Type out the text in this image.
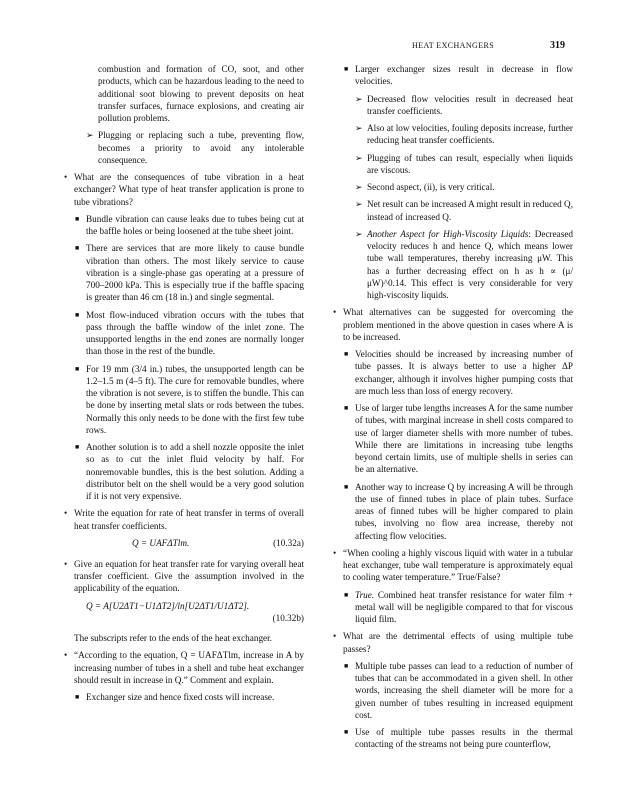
HEAT EXCHANGERS	319
combustion and formation of CO, soot, and other products, which can be hazardous leading to the need to additional soot blowing to prevent deposits on heat transfer surfaces, furnace explosions, and creating air pollution problems.
➢ Plugging or replacing such a tube, preventing flow, becomes a priority to avoid any intolerable consequence.
• What are the consequences of tube vibration in a heat exchanger? What type of heat transfer application is prone to tube vibrations?
■ Bundle vibration can cause leaks due to tubes being cut at the baffle holes or being loosened at the tube sheet joint.
■ There are services that are more likely to cause bundle vibration than others. The most likely service to cause vibration is a single-phase gas operating at a pressure of 700–2000 kPa. This is especially true if the baffle spacing is greater than 46 cm (18 in.) and single segmental.
■ Most flow-induced vibration occurs with the tubes that pass through the baffle window of the inlet zone. The unsupported lengths in the end zones are normally longer than those in the rest of the bundle.
■ For 19 mm (3/4 in.) tubes, the unsupported length can be 1.2–1.5 m (4–5 ft). The cure for removable bundles, where the vibration is not severe, is to stiffen the bundle. This can be done by inserting metal slats or rods between the tubes. Normally this only needs to be done with the first few tube rows.
■ Another solution is to add a shell nozzle opposite the inlet so as to cut the inlet fluid velocity by half. For nonremovable bundles, this is the best solution. Adding a distributor belt on the shell would be a very good solution if it is not very expensive.
• Write the equation for rate of heat transfer in terms of overall heat transfer coefficients.
Q = UAFΔTlm.	(10.32a)
• Give an equation for heat transfer rate for varying overall heat transfer coefficient. Give the assumption involved in the applicability of the equation.
Q = A[U2ΔT1−U1ΔT2]/ln[U2ΔT1/U1ΔT2].
(10.32b)
The subscripts refer to the ends of the heat exchanger.
• “According to the equation, Q = UAFΔTlm, increase in A by increasing number of tubes in a shell and tube heat exchanger should result in increase in Q.” Comment and explain.
■ Exchanger size and hence fixed costs will increase.
■ Larger exchanger sizes result in decrease in flow velocities.
➢ Decreased flow velocities result in decreased heat transfer coefficients.
➢ Also at low velocities, fouling deposits increase, further reducing heat transfer coefficients.
➢ Plugging of tubes can result, especially when liquids are viscous.
➢ Second aspect, (ii), is very critical.
➢ Net result can be increased A might result in reduced Q, instead of increased Q.
➢ Another Aspect for High-Viscosity Liquids: Decreased velocity reduces h and hence Q, which means lower tube wall temperatures, thereby increasing μW. This has a further decreasing effect on h as h ∝ (μ/μW)^0.14. This effect is very considerable for very high-viscosity liquids.
• What alternatives can be suggested for overcoming the problem mentioned in the above question in cases where A is to be increased.
■ Velocities should be increased by increasing number of tube passes. It is always better to use a higher ΔP exchanger, although it involves higher pumping costs that are much less than loss of energy recovery.
■ Use of larger tube lengths increases A for the same number of tubes, with marginal increase in shell costs compared to use of larger diameter shells with more number of tubes. While there are limitations in increasing tube lengths beyond certain limits, use of multiple shells in series can be an alternative.
■ Another way to increase Q by increasing A will be through the use of finned tubes in place of plain tubes. Surface areas of finned tubes will be higher compared to plain tubes, involving no flow area increase, thereby not affecting flow velocities.
• “When cooling a highly viscous liquid with water in a tubular heat exchanger, tube wall temperature is approximately equal to cooling water temperature.” True/False?
■ True. Combined heat transfer resistance for water film + metal wall will be negligible compared to that for viscous liquid film.
• What are the detrimental effects of using multiple tube passes?
■ Multiple tube passes can lead to a reduction of number of tubes that can be accommodated in a given shell. In other words, increasing the shell diameter will be more for a given number of tubes resulting in increased equipment cost.
■ Use of multiple tube passes results in the thermal contacting of the streams not being pure counterflow,
